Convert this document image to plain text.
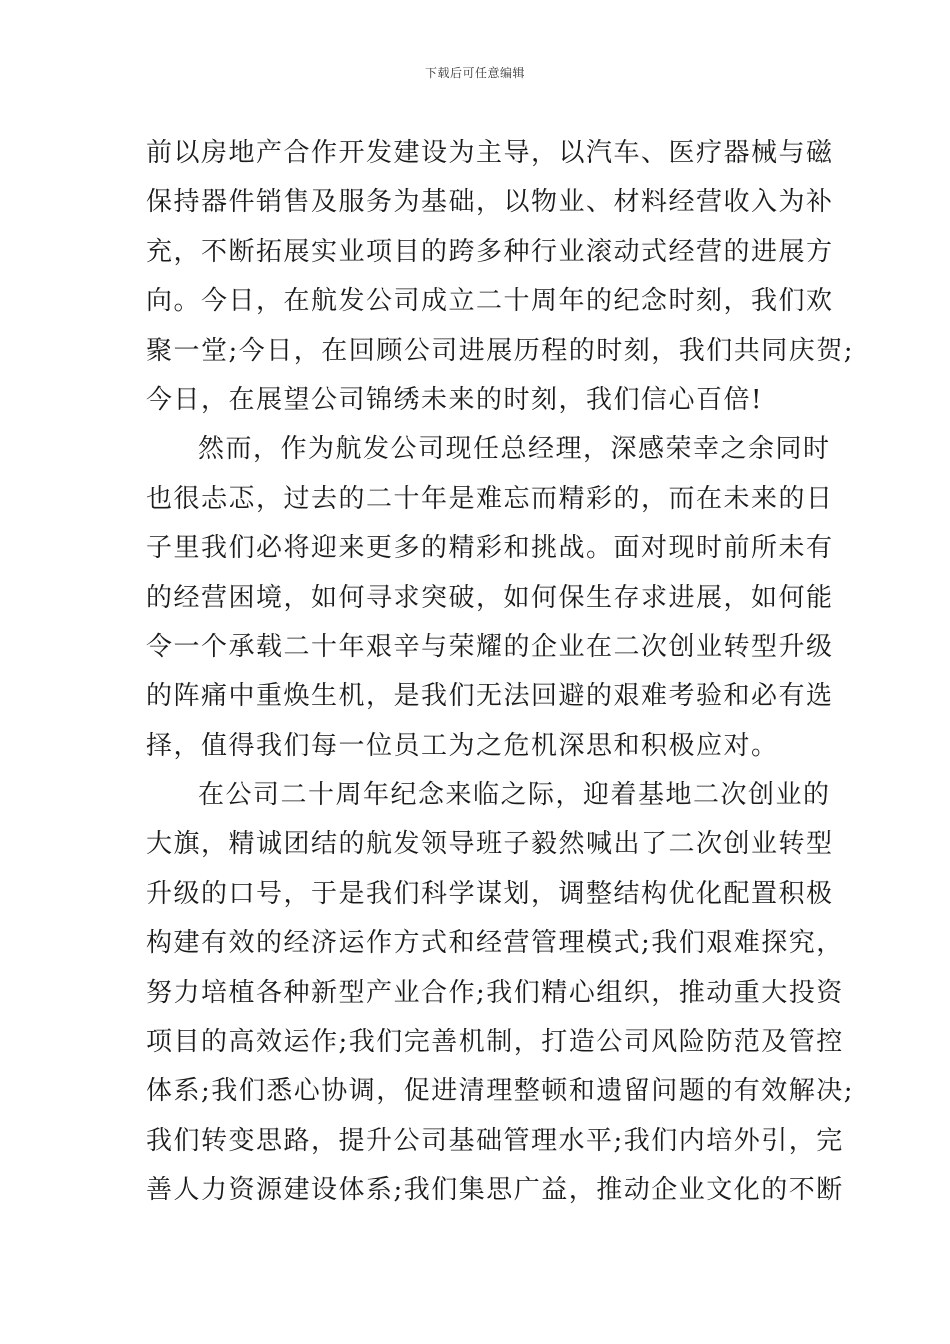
下载后可任意编辑
前以房地产合作开发建设为主导，以汽车、医疗器械与磁
保持器件销售及服务为基础，以物业、材料经营收入为补
充，不断拓展实业项目的跨多种行业滚动式经营的进展方
向。今日，在航发公司成立二十周年的纪念时刻，我们欢
聚一堂;今日，在回顾公司进展历程的时刻，我们共同庆贺;
今日，在展望公司锦绣未来的时刻，我们信心百倍!
然而，作为航发公司现任总经理，深感荣幸之余同时
也很忐忑，过去的二十年是难忘而精彩的，而在未来的日
子里我们必将迎来更多的精彩和挑战。面对现时前所未有
的经营困境，如何寻求突破，如何保生存求进展，如何能
令一个承载二十年艰辛与荣耀的企业在二次创业转型升级
的阵痛中重焕生机，是我们无法回避的艰难考验和必有选
择，值得我们每一位员工为之危机深思和积极应对。
在公司二十周年纪念来临之际，迎着基地二次创业的
大旗，精诚团结的航发领导班子毅然喊出了二次创业转型
升级的口号，于是我们科学谋划，调整结构优化配置积极
构建有效的经济运作方式和经营管理模式;我们艰难探究，
努力培植各种新型产业合作;我们精心组织，推动重大投资
项目的高效运作;我们完善机制，打造公司风险防范及管控
体系;我们悉心协调，促进清理整顿和遗留问题的有效解决;
我们转变思路，提升公司基础管理水平;我们内培外引，完
善人力资源建设体系;我们集思广益，推动企业文化的不断
